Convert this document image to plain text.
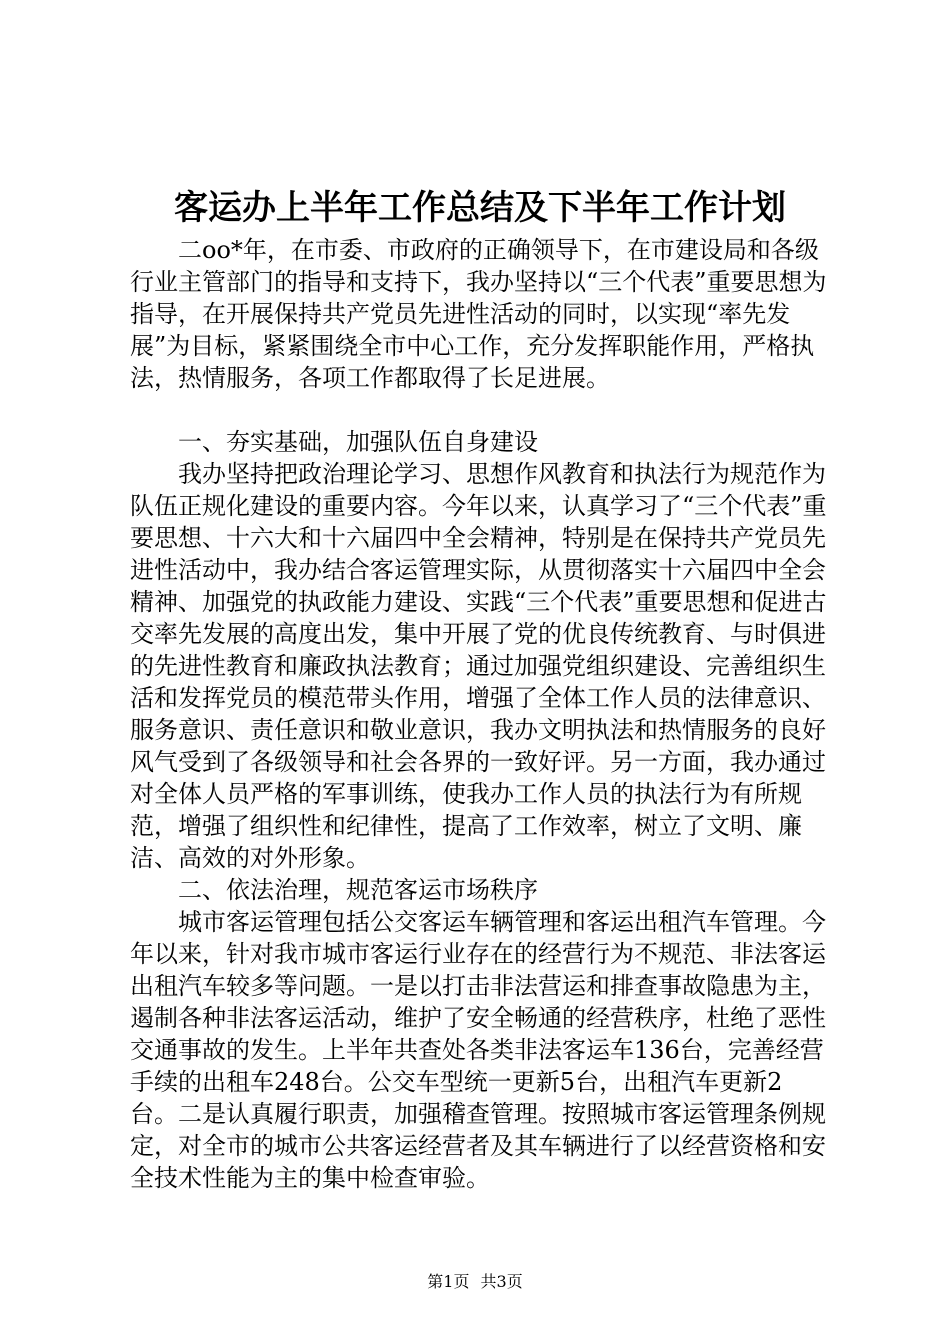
客运办上半年工作总结及下半年工作计划

二oo*年，在市委、市政府的正确领导下，在市建设局和各级行业主管部门的指导和支持下，我办坚持以“三个代表”重要思想为指导，在开展保持共产党员先进性活动的同时，以实现“率先发展”为目标，紧紧围绕全市中心工作，充分发挥职能作用，严格执法，热情服务，各项工作都取得了长足进展。

一、夯实基础，加强队伍自身建设

我办坚持把政治理论学习、思想作风教育和执法行为规范作为队伍正规化建设的重要内容。今年以来，认真学习了“三个代表”重要思想、十六大和十六届四中全会精神，特别是在保持共产党员先进性活动中，我办结合客运管理实际，从贯彻落实十六届四中全会精神、加强党的执政能力建设、实践“三个代表”重要思想和促进古交率先发展的高度出发，集中开展了党的优良传统教育、与时俱进的先进性教育和廉政执法教育；通过加强党组织建设、完善组织生活和发挥党员的模范带头作用，增强了全体工作人员的法律意识、服务意识、责任意识和敬业意识，我办文明执法和热情服务的良好风气受到了各级领导和社会各界的一致好评。另一方面，我办通过对全体人员严格的军事训练，使我办工作人员的执法行为有所规范，增强了组织性和纪律性，提高了工作效率，树立了文明、廉洁、高效的对外形象。

二、依法治理，规范客运市场秩序

城市客运管理包括公交客运车辆管理和客运出租汽车管理。今年以来，针对我市城市客运行业存在的经营行为不规范、非法客运出租汽车较多等问题。一是以打击非法营运和排查事故隐患为主，遏制各种非法客运活动，维护了安全畅通的经营秩序，杜绝了恶性交通事故的发生。上半年共查处各类非法客运车136台，完善经营手续的出租车248台。公交车型统一更新5台，出租汽车更新2台。二是认真履行职责，加强稽查管理。按照城市客运管理条例规定，对全市的城市公共客运经营者及其车辆进行了以经营资格和安全技术性能为主的集中检查审验。

第1页 共3页
